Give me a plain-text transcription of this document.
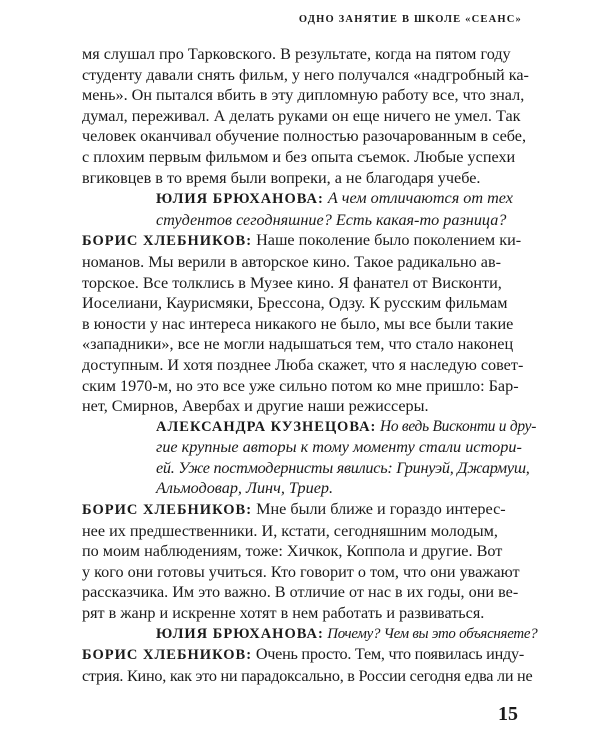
ОДНО ЗАНЯТИЕ В ШКОЛЕ «СЕАНС»
мя слушал про Тарковского. В результате, когда на пятом году
студенту давали снять фильм, у него получался «надгробный ка-
мень». Он пытался вбить в эту дипломную работу все, что знал,
думал, переживал. А делать руками он еще ничего не умел. Так
человек оканчивал обучение полностью разочарованным в себе,
с плохим первым фильмом и без опыта съемок. Любые успехи
вгиковцев в то время были вопреки, а не благодаря учебе.
ЮЛИЯ БРЮХАНОВА: А чем отличаются от тех
студентов сегодняшние? Есть какая-то разница?
БОРИС ХЛЕБНИКОВ: Наше поколение было поколением ки-
номанов. Мы верили в авторское кино. Такое радикально ав-
торское. Все толклись в Музее кино. Я фанател от Висконти,
Иоселиани, Каурисмяки, Брессона, Одзу. К русским фильмам
в юности у нас интереса никакого не было, мы все были такие
«западники», все не могли надышаться тем, что стало наконец
доступным. И хотя позднее Люба скажет, что я наследую совет-
ским 1970-м, но это все уже сильно потом ко мне пришло: Бар-
нет, Смирнов, Авербах и другие наши режиссеры.
АЛЕКСАНДРА КУЗНЕЦОВА: Но ведь Висконти и дру-
гие крупные авторы к тому моменту стали истори-
ей. Уже постмодернисты явились: Гринуэй, Джармуш,
Альмодовар, Линч, Триер.
БОРИС ХЛЕБНИКОВ: Мне были ближе и гораздо интерес-
нее их предшественники. И, кстати, сегодняшним молодым,
по моим наблюдениям, тоже: Хичкок, Коппола и другие. Вот
у кого они готовы учиться. Кто говорит о том, что они уважают
рассказчика. Им это важно. В отличие от нас в их годы, они ве-
рят в жанр и искренне хотят в нем работать и развиваться.
ЮЛИЯ БРЮХАНОВА: Почему? Чем вы это объясняете?
БОРИС ХЛЕБНИКОВ: Очень просто. Тем, что появилась инду-
стрия. Кино, как это ни парадоксально, в России сегодня едва ли не
15
